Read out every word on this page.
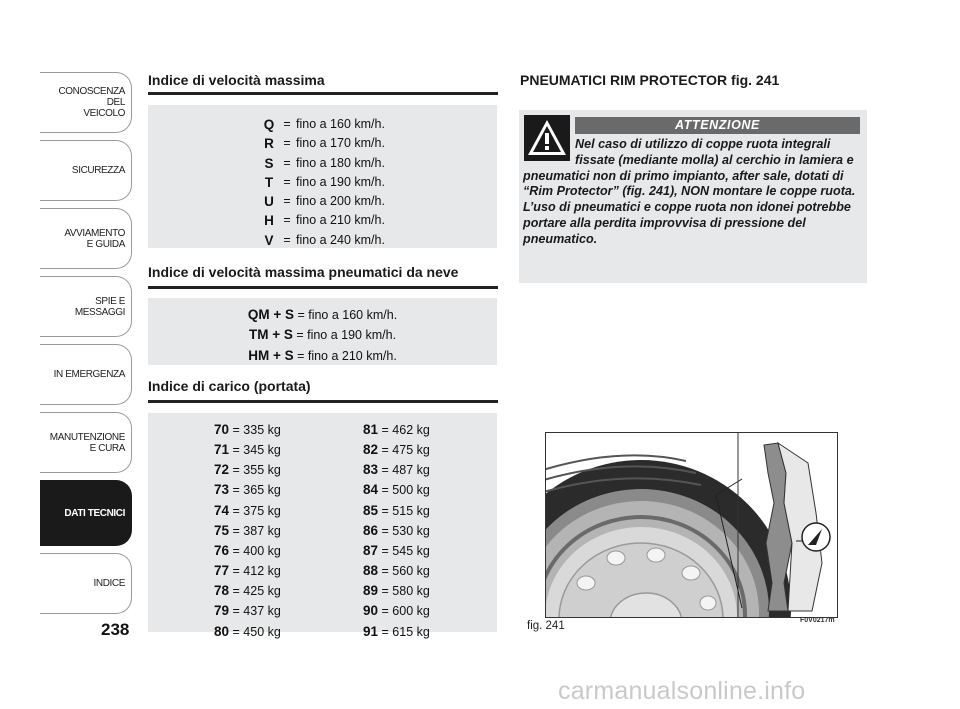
CONOSCENZA
DEL
VEICOLO
SICUREZZA
AVVIAMENTO
E GUIDA
SPIE E
MESSAGGI
IN EMERGENZA
MANUTENZIONE
E CURA
DATI TECNICI
INDICE
238
Indice di velocità massima
Q = fino a 160 km/h.
R = fino a 170 km/h.
S = fino a 180 km/h.
T = fino a 190 km/h.
U = fino a 200 km/h.
H = fino a 210 km/h.
V = fino a 240 km/h.
Indice di velocità massima pneumatici da neve
QM + S = fino a 160 km/h.
TM + S = fino a 190 km/h.
HM + S = fino a 210 km/h.
Indice di carico (portata)
70 = 335 kg
71 = 345 kg
72 = 355 kg
73 = 365 kg
74 = 375 kg
75 = 387 kg
76 = 400 kg
77 = 412 kg
78 = 425 kg
79 = 437 kg
80 = 450 kg
81 = 462 kg
82 = 475 kg
83 = 487 kg
84 = 500 kg
85 = 515 kg
86 = 530 kg
87 = 545 kg
88 = 560 kg
89 = 580 kg
90 = 600 kg
91 = 615 kg
PNEUMATICI RIM PROTECTOR fig. 241
ATTENZIONE
Nel caso di utilizzo di coppe ruota integrali fissate (mediante molla) al cerchio in lamiera e pneumatici non di primo impianto, after sale, dotati di “Rim Protector” (fig. 241), NON montare le coppe ruota. L’uso di pneumatici e coppe ruota non idonei potrebbe portare alla perdita improvvisa di pressione del pneumatico.
F0V0217m
fig. 241
carmanualsonline.info
